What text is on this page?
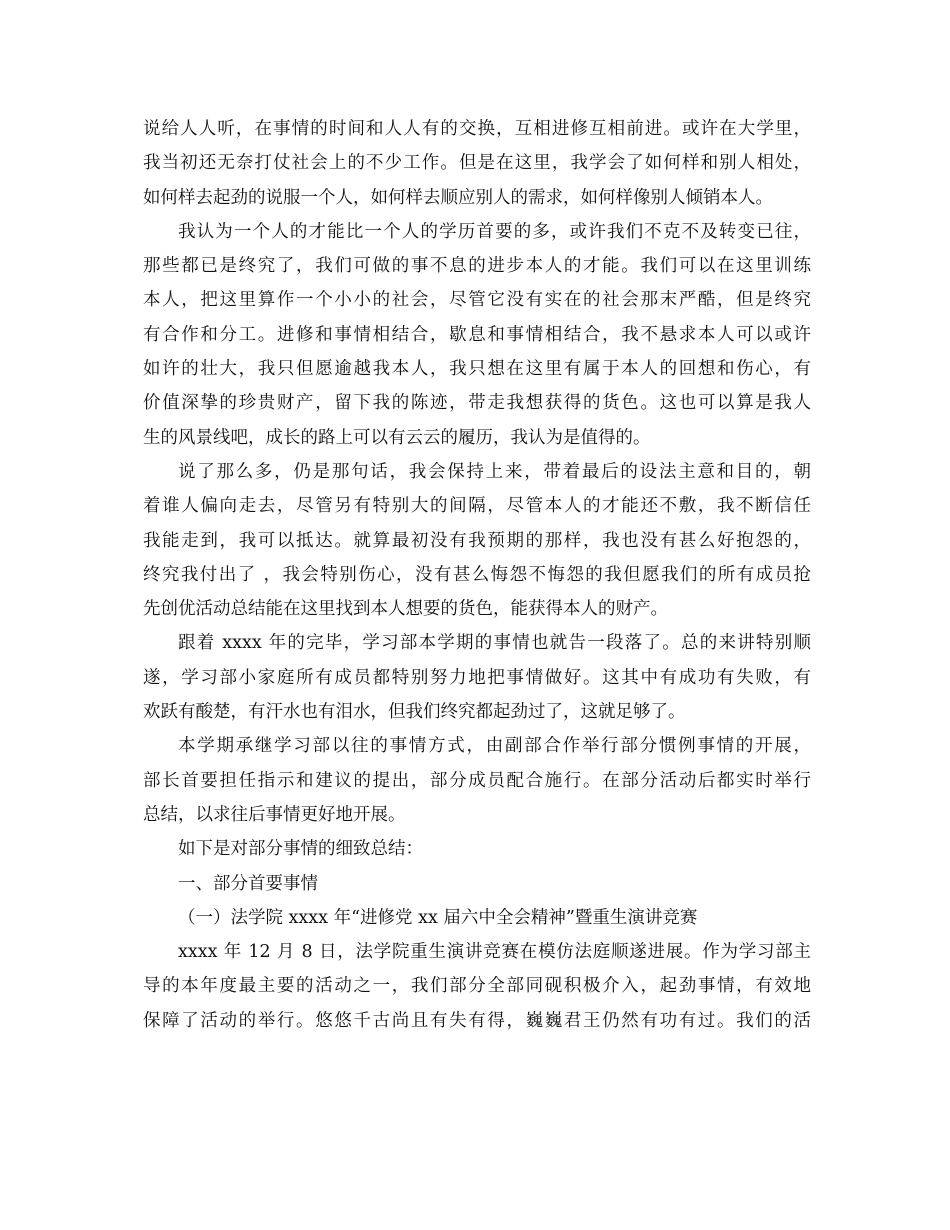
说给人人听，在事情的时间和人人有的交换，互相进修互相前进。或许在大学里，
我当初还无奈打仗社会上的不少工作。但是在这里，我学会了如何样和别人相处，
如何样去起劲的说服一个人，如何样去顺应别人的需求，如何样像别人倾销本人。
我认为一个人的才能比一个人的学历首要的多，或许我们不克不及转变已往，
那些都已是终究了，我们可做的事不息的进步本人的才能。我们可以在这里训练
本人，把这里算作一个小小的社会，尽管它没有实在的社会那末严酷，但是终究
有合作和分工。进修和事情相结合，歇息和事情相结合，我不悬求本人可以或许
如许的壮大，我只但愿逾越我本人，我只想在这里有属于本人的回想和伤心，有
价值深挚的珍贵财产，留下我的陈迹，带走我想获得的货色。这也可以算是我人
生的风景线吧，成长的路上可以有云云的履历，我认为是值得的。
说了那么多，仍是那句话，我会保持上来，带着最后的设法主意和目的，朝
着谁人偏向走去，尽管另有特别大的间隔，尽管本人的才能还不敷，我不断信任
我能走到，我可以抵达。就算最初没有我预期的那样，我也没有甚么好抱怨的，
终究我付出了 ，我会特别伤心，没有甚么悔怨不悔怨的我但愿我们的所有成员抢
先创优活动总结能在这里找到本人想要的货色，能获得本人的财产。
跟着 xxxx 年的完毕，学习部本学期的事情也就告一段落了。总的来讲特别顺
遂，学习部小家庭所有成员都特别努力地把事情做好。这其中有成功有失败，有
欢跃有酸楚，有汗水也有泪水，但我们终究都起劲过了，这就足够了。
本学期承继学习部以往的事情方式，由副部合作举行部分惯例事情的开展，
部长首要担任指示和建议的提出，部分成员配合施行。在部分活动后都实时举行
总结，以求往后事情更好地开展。
如下是对部分事情的细致总结：
一、部分首要事情
（一）法学院 xxxx 年“进修党 xx 届六中全会精神”暨重生演讲竞赛
xxxx 年 12 月 8 日，法学院重生演讲竞赛在模仿法庭顺遂进展。作为学习部主
导的本年度最主要的活动之一，我们部分全部同砚积极介入，起劲事情，有效地
保障了活动的举行。悠悠千古尚且有失有得，巍巍君王仍然有功有过。我们的活
